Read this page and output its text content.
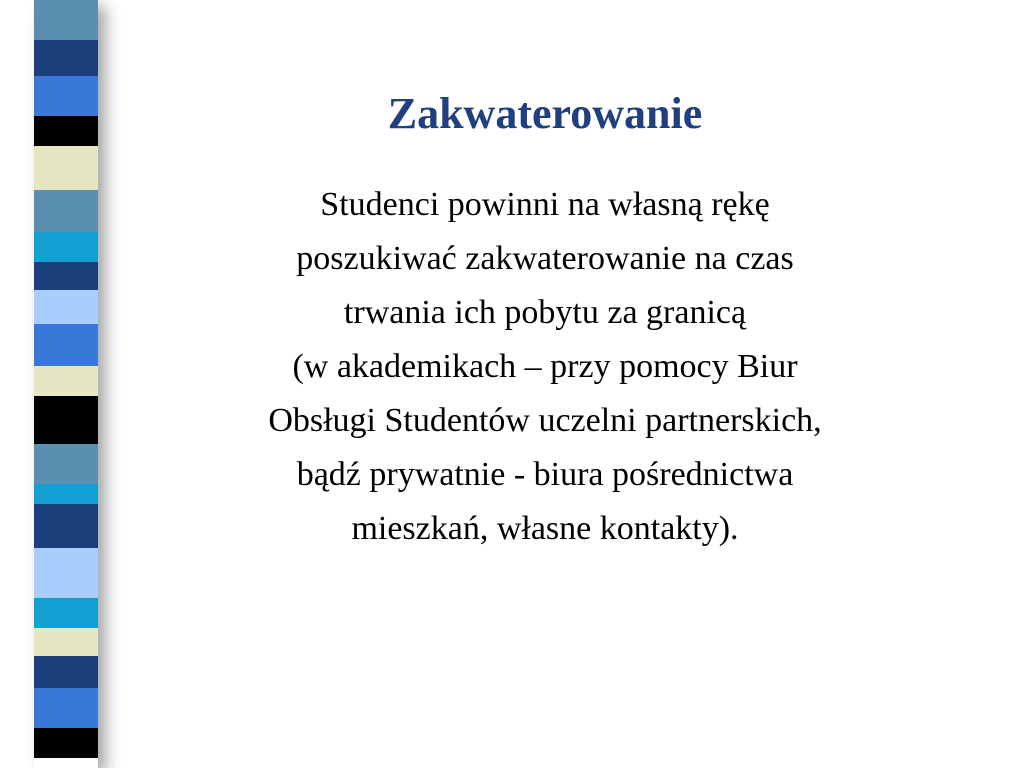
Zakwaterowanie
Studenci powinni na własną rękę
poszukiwać zakwaterowanie na czas
trwania ich pobytu za granicą
(w akademikach – przy pomocy Biur
Obsługi Studentów uczelni partnerskich,
bądź prywatnie - biura pośrednictwa
mieszkań, własne kontakty).
